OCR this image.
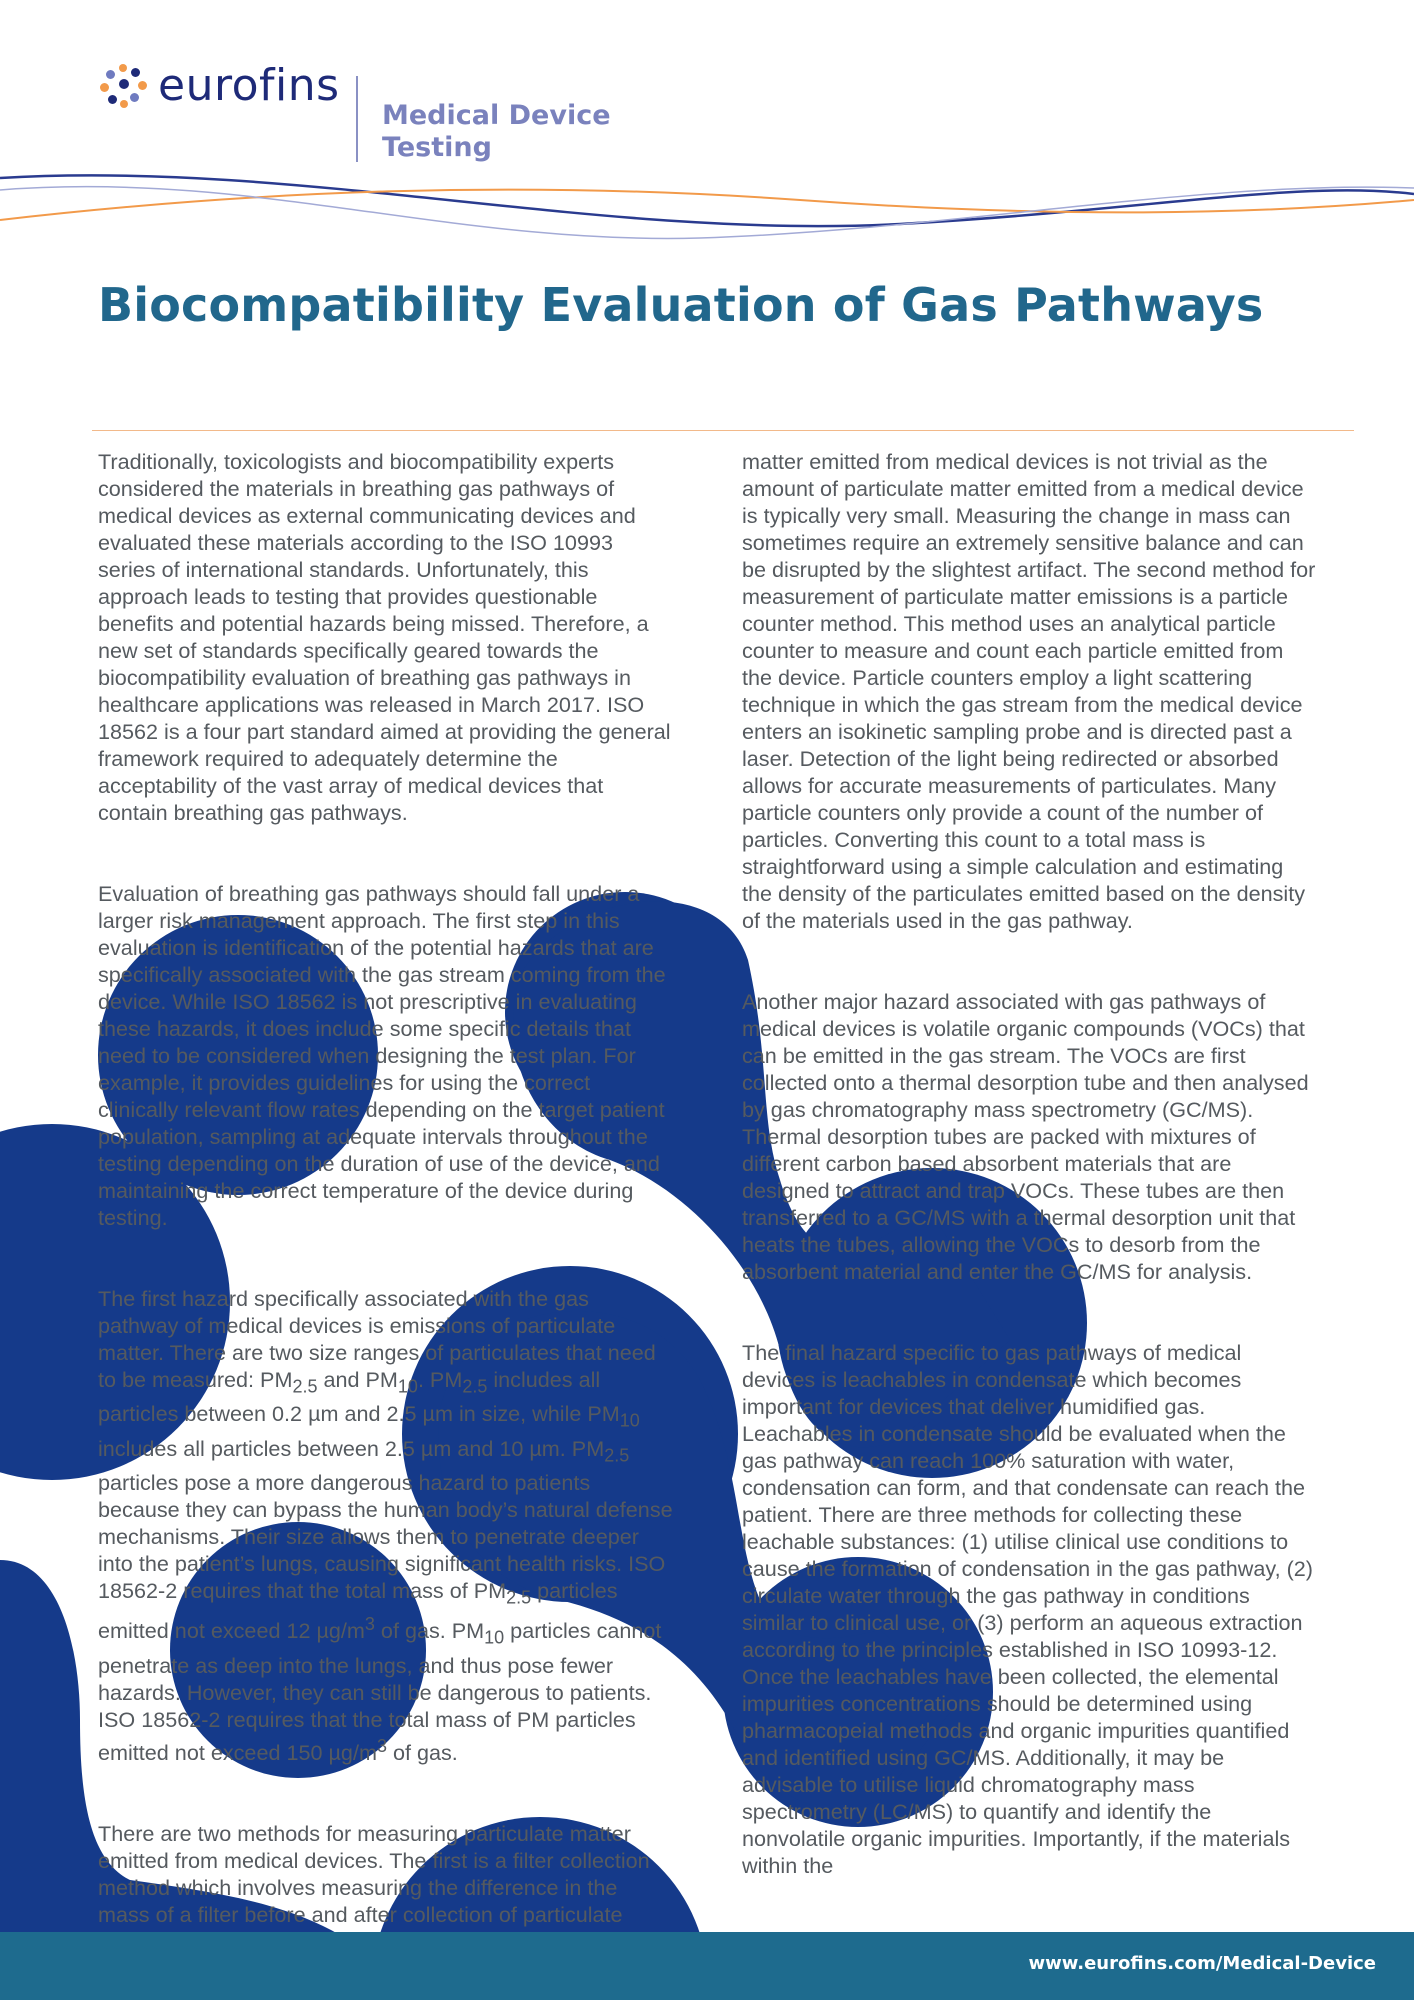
eurofins
Medical Device
Testing
Biocompatibility Evaluation of Gas Pathways

Traditionally, toxicologists and biocompatibility experts considered the materials in breathing gas pathways of medical devices as external communicating devices and evaluated these materials according to the ISO 10993 series of international standards. Unfortunately, this approach leads to testing that provides questionable benefits and potential hazards being missed. Therefore, a new set of standards specifically geared towards the biocompatibility evaluation of breathing gas pathways in healthcare applications was released in March 2017. ISO 18562 is a four part standard aimed at providing the general framework required to adequately determine the acceptability of the vast array of medical devices that contain breathing gas pathways.

Evaluation of breathing gas pathways should fall under a larger risk management approach. The first step in this evaluation is identification of the potential hazards that are specifically associated with the gas stream coming from the device. While ISO 18562 is not prescriptive in evaluating these hazards, it does include some specific details that need to be considered when designing the test plan. For example, it provides guidelines for using the correct clinically relevant flow rates depending on the target patient population, sampling at adequate intervals throughout the testing depending on the duration of use of the device, and maintaining the correct temperature of the device during testing.

The first hazard specifically associated with the gas pathway of medical devices is emissions of particulate matter. There are two size ranges of particulates that need to be measured: $PM_{2.5}$ and $PM_{10}$. $PM_{2.5}$ includes all particles between 0.2 µm and 2.5 µm in size, while $PM_{10}$ includes all particles between 2.5 µm and 10 µm. $PM_{2.5}$ particles pose a more dangerous hazard to patients because they can bypass the human body’s natural defense mechanisms. Their size allows them to penetrate deeper into the patient’s lungs, causing significant health risks. ISO 18562-2 requires that the total mass of $PM_{2.5}$ particles emitted not exceed 12 $\mu g/m^3$ of gas. $PM_{10}$ particles cannot penetrate as deep into the lungs, and thus pose fewer hazards. However, they can still be dangerous to patients. ISO 18562-2 requires that the total mass of PM particles emitted not exceed 150 $\mu g/m^3$ of gas.

There are two methods for measuring particulate matter emitted from medical devices. The first is a filter collection method which involves measuring the difference in the mass of a filter before and after collection of particulate

matter emitted from medical devices is not trivial as the amount of particulate matter emitted from a medical device is typically very small. Measuring the change in mass can sometimes require an extremely sensitive balance and can be disrupted by the slightest artifact. The second method for measurement of particulate matter emissions is a particle counter method. This method uses an analytical particle counter to measure and count each particle emitted from the device. Particle counters employ a light scattering technique in which the gas stream from the medical device enters an isokinetic sampling probe and is directed past a laser. Detection of the light being redirected or absorbed allows for accurate measurements of particulates. Many particle counters only provide a count of the number of particles. Converting this count to a total mass is straightforward using a simple calculation and estimating the density of the particulates emitted based on the density of the materials used in the gas pathway.

Another major hazard associated with gas pathways of medical devices is volatile organic compounds (VOCs) that can be emitted in the gas stream. The VOCs are first collected onto a thermal desorption tube and then analysed by gas chromatography mass spectrometry (GC/MS). Thermal desorption tubes are packed with mixtures of different carbon based absorbent materials that are designed to attract and trap VOCs. These tubes are then transferred to a GC/MS with a thermal desorption unit that heats the tubes, allowing the VOCs to desorb from the absorbent material and enter the GC/MS for analysis.

The final hazard specific to gas pathways of medical devices is leachables in condensate which becomes important for devices that deliver humidified gas. Leachables in condensate should be evaluated when the gas pathway can reach 100% saturation with water, condensation can form, and that condensate can reach the patient. There are three methods for collecting these leachable substances: (1) utilise clinical use conditions to cause the formation of condensation in the gas pathway, (2) circulate water through the gas pathway in conditions similar to clinical use, or (3) perform an aqueous extraction according to the principles established in ISO 10993-12. Once the leachables have been collected, the elemental impurities concentrations should be determined using pharmacopeial methods and organic impurities quantified and identified using GC/MS. Additionally, it may be advisable to utilise liquid chromatography mass spectrometry (LC/MS) to quantify and identify the nonvolatile organic impurities. Importantly, if the materials within the

www.eurofins.com/Medical-Device
